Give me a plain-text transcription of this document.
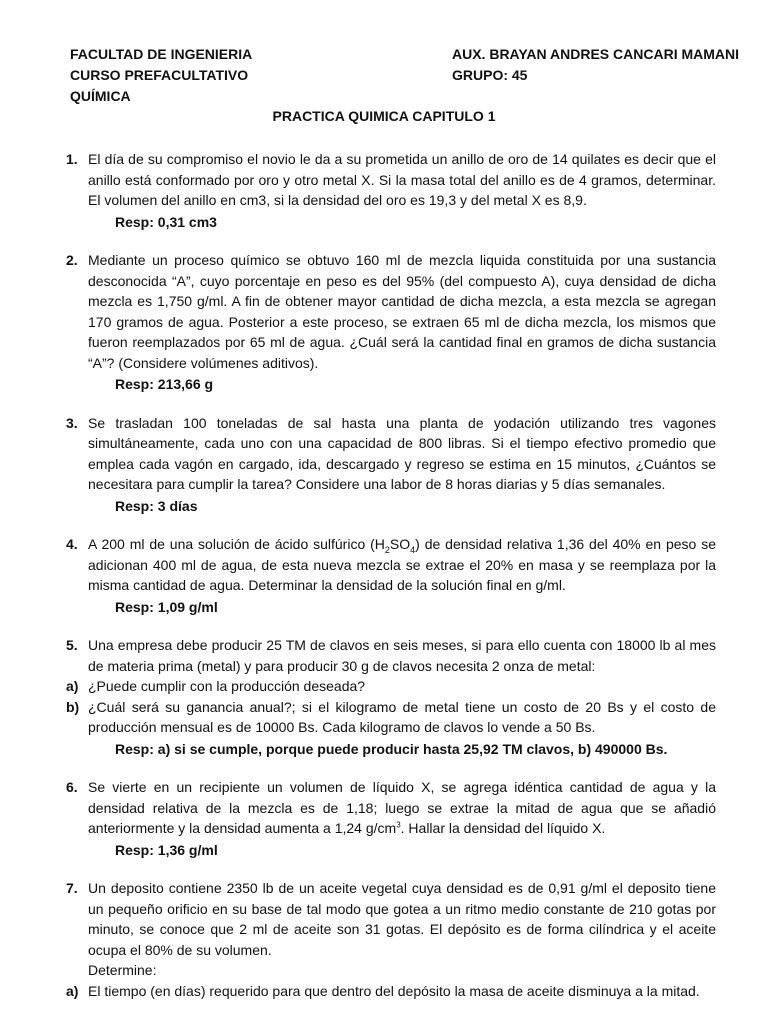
FACULTAD DE INGENIERIA
CURSO PREFACULTATIVO
QUÍMICA
AUX. BRAYAN ANDRES CANCARI MAMANI
GRUPO: 45
PRACTICA QUIMICA CAPITULO 1
1. El día de su compromiso el novio le da a su prometida un anillo de oro de 14 quilates es decir que el anillo está conformado por oro y otro metal X. Si la masa total del anillo es de 4 gramos, determinar. El volumen del anillo en cm3, si la densidad del oro es 19,3 y del metal X es 8,9.
Resp: 0,31 cm3
2. Mediante un proceso químico se obtuvo 160 ml de mezcla liquida constituida por una sustancia desconocida “A”, cuyo porcentaje en peso es del 95% (del compuesto A), cuya densidad de dicha mezcla es 1,750 g/ml. A fin de obtener mayor cantidad de dicha mezcla, a esta mezcla se agregan 170 gramos de agua. Posterior a este proceso, se extraen 65 ml de dicha mezcla, los mismos que fueron reemplazados por 65 ml de agua. ¿Cuál será la cantidad final en gramos de dicha sustancia “A”? (Considere volúmenes aditivos).
Resp: 213,66 g
3. Se trasladan 100 toneladas de sal hasta una planta de yodación utilizando tres vagones simultáneamente, cada uno con una capacidad de 800 libras. Si el tiempo efectivo promedio que emplea cada vagón en cargado, ida, descargado y regreso se estima en 15 minutos, ¿Cuántos se necesitara para cumplir la tarea? Considere una labor de 8 horas diarias y 5 días semanales.
Resp: 3 días
4. A 200 ml de una solución de ácido sulfúrico $(H_2SO_4)$ de densidad relativa 1,36 del 40% en peso se adicionan 400 ml de agua, de esta nueva mezcla se extrae el 20% en masa y se reemplaza por la misma cantidad de agua. Determinar la densidad de la solución final en g/ml.
Resp: 1,09 g/ml
5. Una empresa debe producir 25 TM de clavos en seis meses, si para ello cuenta con 18000 lb al mes de materia prima (metal) y para producir 30 g de clavos necesita 2 onza de metal:
a) ¿Puede cumplir con la producción deseada?
b) ¿Cuál será su ganancia anual?; si el kilogramo de metal tiene un costo de 20 Bs y el costo de producción mensual es de 10000 Bs. Cada kilogramo de clavos lo vende a 50 Bs.
Resp: a) si se cumple, porque puede producir hasta 25,92 TM clavos, b) 490000 Bs.
6. Se vierte en un recipiente un volumen de líquido X, se agrega idéntica cantidad de agua y la densidad relativa de la mezcla es de 1,18; luego se extrae la mitad de agua que se añadió anteriormente y la densidad aumenta a 1,24 $g/cm^3$. Hallar la densidad del líquido X.
Resp: 1,36 g/ml
7. Un deposito contiene 2350 lb de un aceite vegetal cuya densidad es de 0,91 g/ml el deposito tiene un pequeño orificio en su base de tal modo que gotea a un ritmo medio constante de 210 gotas por minuto, se conoce que 2 ml de aceite son 31 gotas. El depósito es de forma cilíndrica y el aceite ocupa el 80% de su volumen.
Determine:
a) El tiempo (en días) requerido para que dentro del depósito la masa de aceite disminuya a la mitad.
